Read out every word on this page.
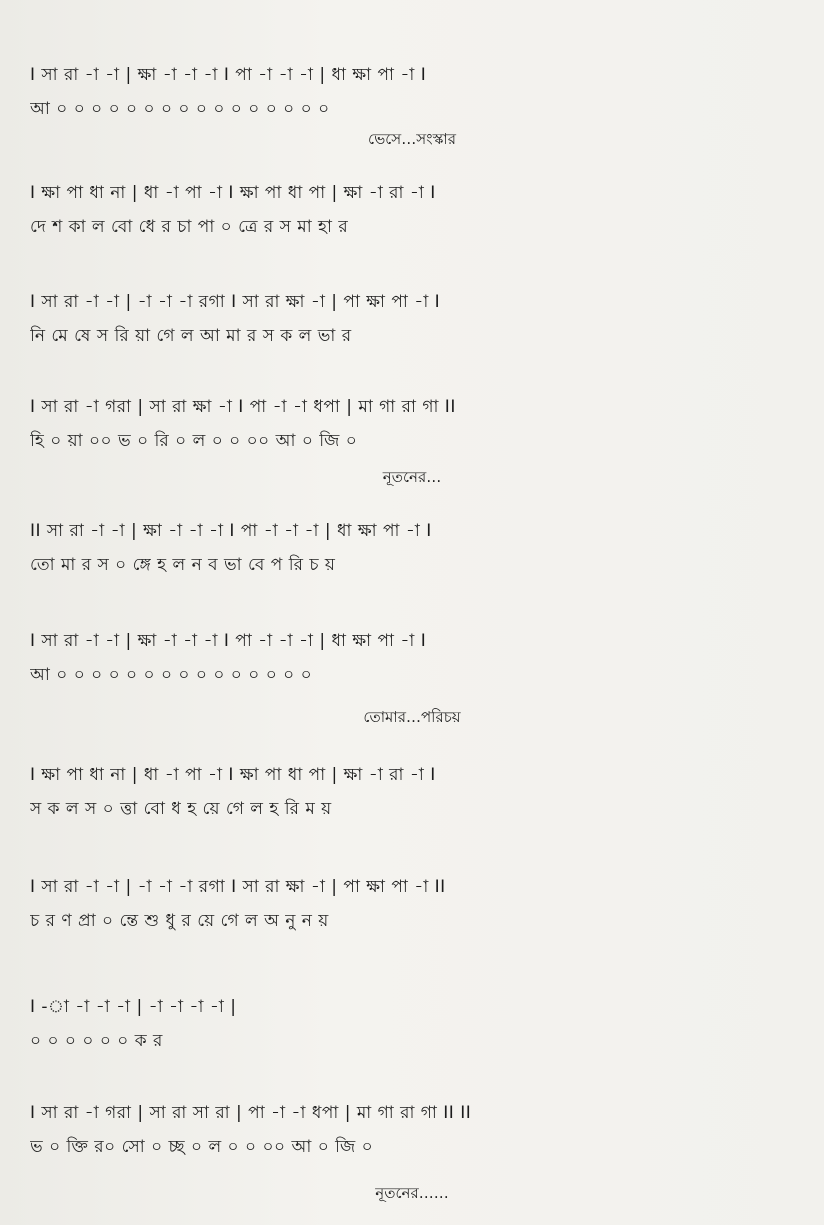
I সা রা -া -া | ক্ষা -া -া -া I পা -া -া -া | ধা ক্ষা পা -া I
আ ০ ০ ০ ০ ০ ০ ০ ০ ০ ০ ০ ০ ০ ০ ০ ০
ভেসে…সংস্কার
I ক্ষা পা ধা না | ধা -া পা -া I ক্ষা পা ধা পা | ক্ষা -া রা -া I
দে শ কা ল বো ধে র চা পা ০ ত্রে র স মা হা র
I সা রা -া -া | -া -া -া রগা I সা রা ক্ষা -া | পা ক্ষা পা -া I
নি মে ষে স রি য়া গে ল আ মা র স ক ল ভা র
I সা রা -া গরা | সা রা ক্ষা -া I পা -া -া ধপা | মা গা রা গা II
হি ০ য়া ০০ ভ ০ রি ০ ল ০ ০ ০০ আ ০ জি ০
নূতনের…
II সা রা -া -া | ক্ষা -া -া -া I পা -া -া -া | ধা ক্ষা পা -া I
তো মা র স ০ ঙ্গে হ ল ন ব ভা বে প রি চ য়
I সা রা -া -া | ক্ষা -া -া -া I পা -া -া -া | ধা ক্ষা পা -া I
আ ০ ০ ০ ০ ০ ০ ০ ০ ০ ০ ০ ০ ০ ০ ০
তোমার…পরিচয়
I ক্ষা পা ধা না | ধা -া পা -া I ক্ষা পা ধা পা | ক্ষা -া রা -া I
স ক ল স ০ ত্তা বো ধ হ য়ে গে ল হ রি ম য়
I সা রা -া -া | -া -া -া রগা I সা রা ক্ষা -া | পা ক্ষা পা -া II
চ র ণ প্রা ০ ন্তে শু ধু র য়ে গে ল অ নু ন য়
I -া -া -া -া | -া -া -া -া |
০ ০ ০ ০ ০ ০ ক র
I সা রা -া গরা | সা রা সা রা | পা -া -া ধপা | মা গা রা গা II II
ভ ০ ক্তি র০ সো ০ চ্ছ ০ ল ০ ০ ০০ আ ০ জি ০
নূতনের……
